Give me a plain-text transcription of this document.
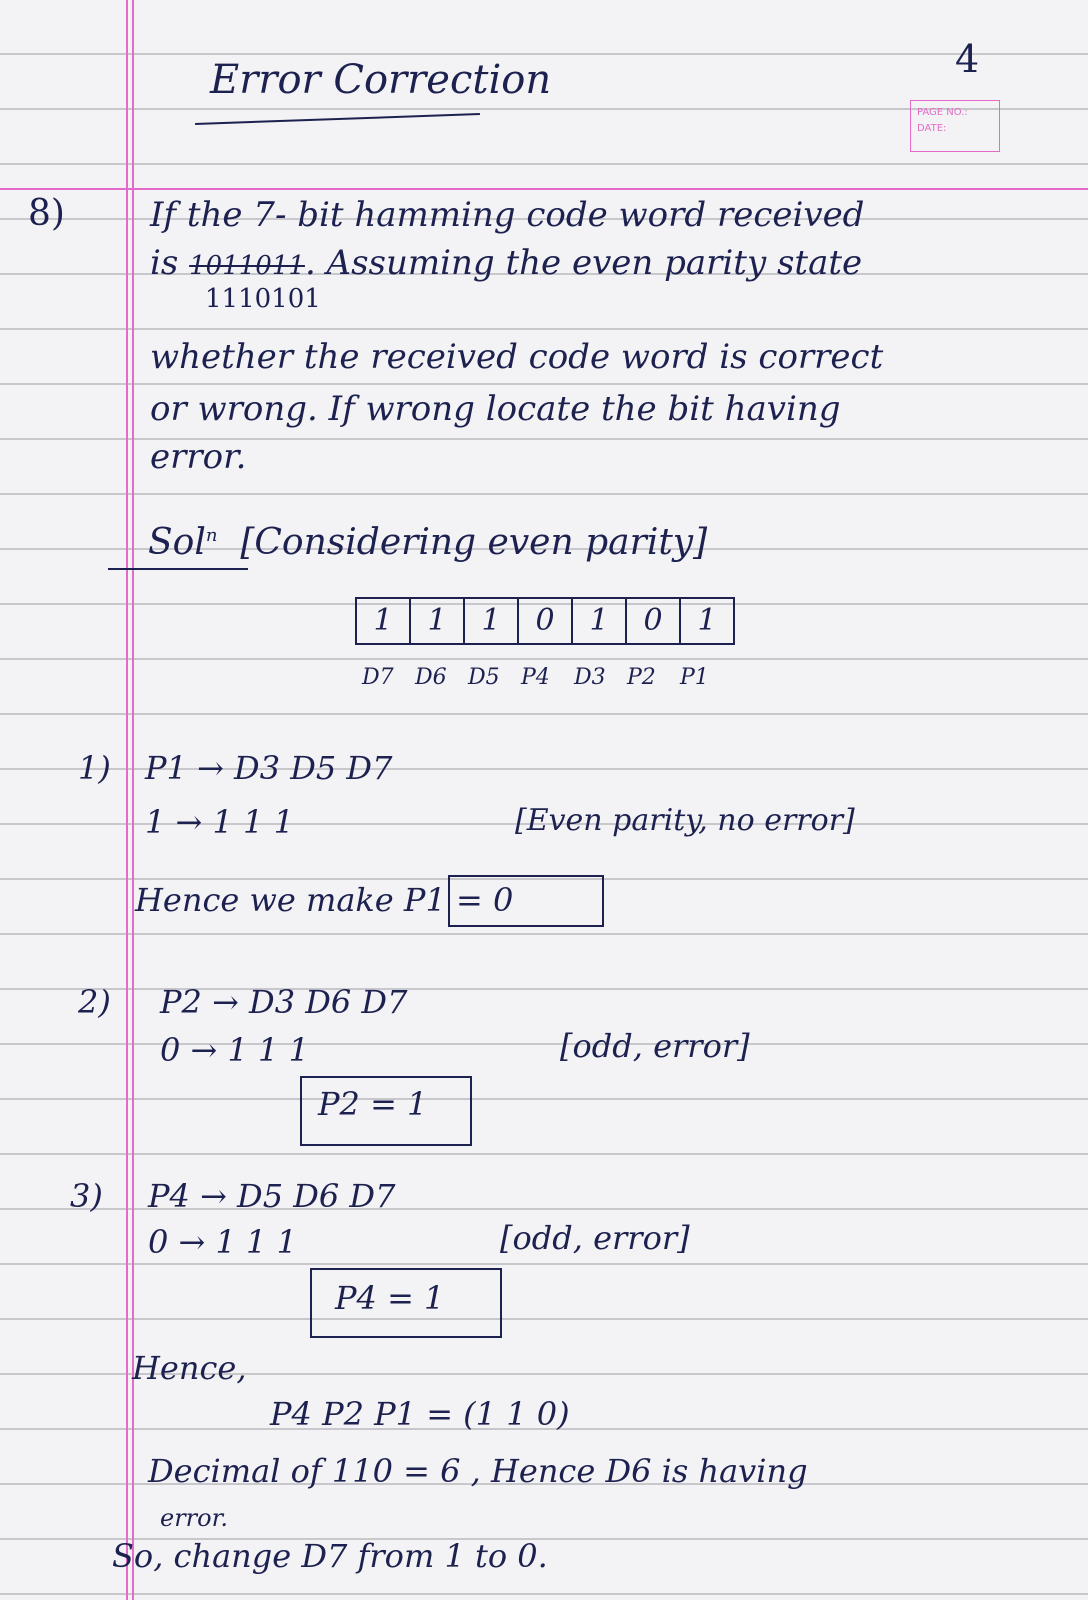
Error Correction	4
PAGE NO.:
DATE:
8)	If the 7- bit hamming code word received
is 1011011. Assuming the even parity state
1110101
whether the received code word is correct
or wrong. If wrong locate the bit having
error.
Sol$^n$ [Considering even parity]
1	1	1	0	1	0	1
D7 D6 D5 P4	D3 P2	P1
1) P1 → D3 D5 D7
1 → 1 1 1	[Even parity, no error]
Hence we make P1 = 0
2) P2 → D3 D6 D7
0 → 1 1 1	[odd, error]
P2 = 1
3) P4 → D5 D6 D7
0 → 1 1 1	[odd, error]
P4 = 1
Hence,
P4 P2 P1 = (1 1 0)
Decimal of 110 = 6 , Hence D6 is having
error.
So, change D7 from 1 to 0.
